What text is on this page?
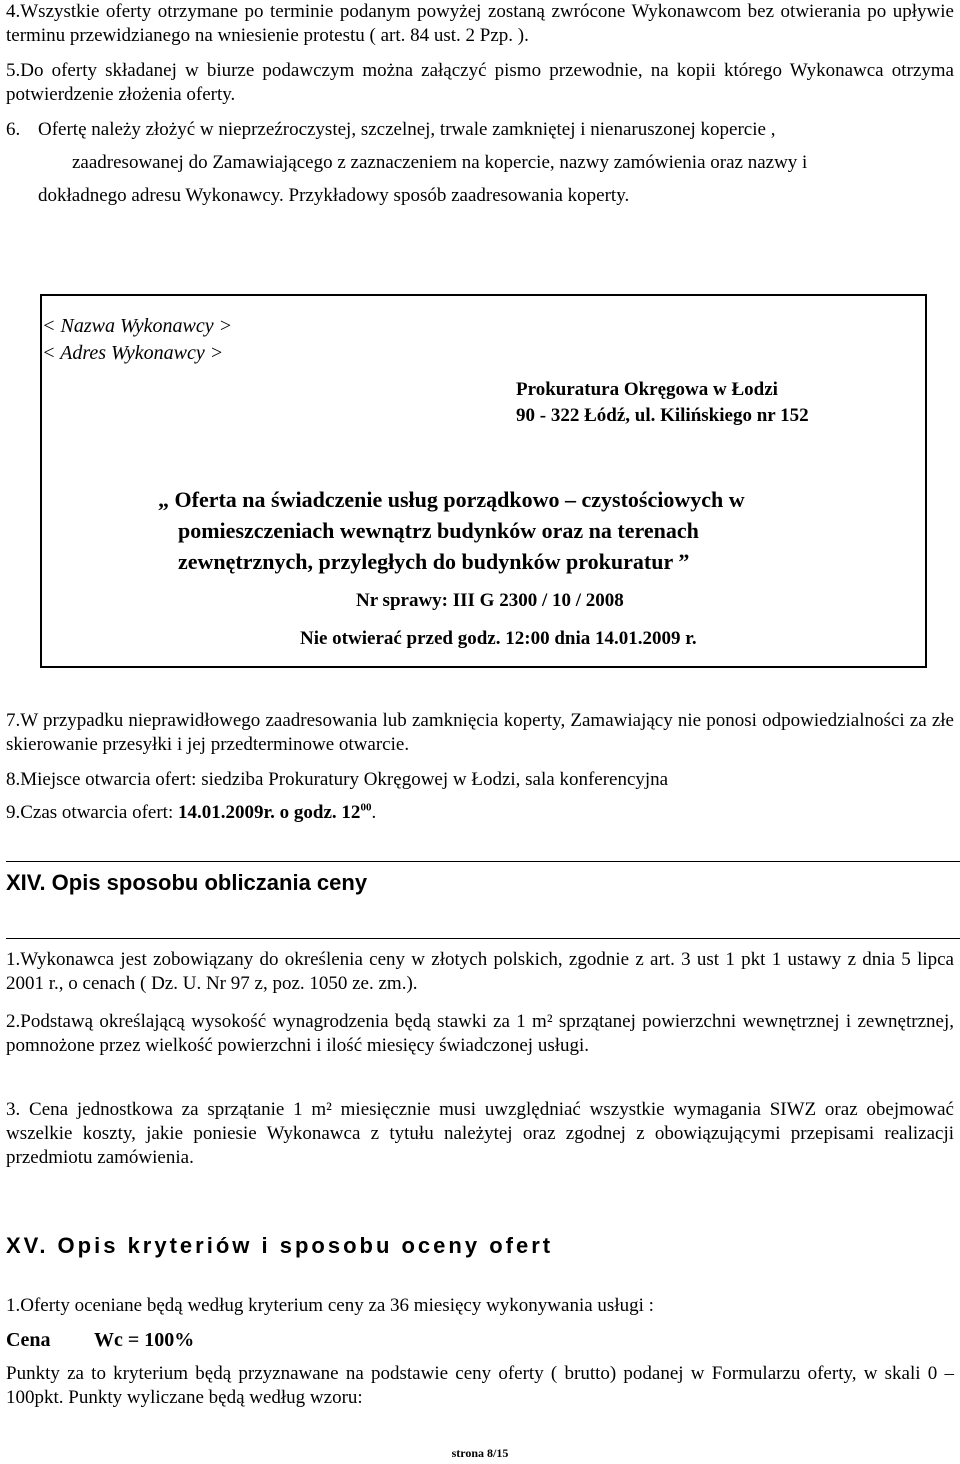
4.Wszystkie oferty otrzymane po terminie podanym powyżej zostaną zwrócone Wykonawcom bez otwierania po upływie terminu przewidzianego na wniesienie protestu ( art. 84 ust. 2 Pzp. ).
5.Do oferty składanej w biurze podawczym można załączyć pismo przewodnie, na kopii którego Wykonawca otrzyma potwierdzenie złożenia oferty.
6. Ofertę należy złożyć w nieprzeźroczystej, szczelnej, trwale zamkniętej i nienaruszonej kopercie ,
zaadresowanej do Zamawiającego z zaznaczeniem na kopercie, nazwy zamówienia oraz nazwy i
dokładnego adresu Wykonawcy. Przykładowy sposób zaadresowania koperty.
< Nazwa Wykonawcy >
< Adres Wykonawcy >
Prokuratura Okręgowa w Łodzi
90 - 322 Łódź, ul. Kilińskiego nr 152
„ Oferta na świadczenie usług porządkowo – czystościowych w
pomieszczeniach wewnątrz budynków oraz na terenach
zewnętrznych, przyległych do budynków prokuratur ”
Nr sprawy: III G 2300 / 10 / 2008
Nie otwierać przed godz. 12:00 dnia 14.01.2009 r.
7.W przypadku nieprawidłowego zaadresowania lub zamknięcia koperty, Zamawiający nie ponosi odpowiedzialności za złe skierowanie przesyłki i jej przedterminowe otwarcie.
8.Miejsce otwarcia ofert: siedziba Prokuratury Okręgowej w Łodzi, sala konferencyjna
9.Czas otwarcia ofert: 14.01.2009r. o godz. $12^{00}$.
XIV. Opis sposobu obliczania ceny
1.Wykonawca jest zobowiązany do określenia ceny w złotych polskich, zgodnie z art. 3 ust 1 pkt 1 ustawy z dnia 5 lipca 2001 r., o cenach ( Dz. U. Nr 97 z, poz. 1050 ze. zm.).
2.Podstawą określającą wysokość wynagrodzenia będą stawki za 1 m² sprzątanej powierzchni wewnętrznej i zewnętrznej, pomnożone przez wielkość powierzchni i ilość miesięcy świadczonej usługi.
3. Cena jednostkowa za sprzątanie 1 m² miesięcznie musi uwzględniać wszystkie wymagania SIWZ oraz obejmować wszelkie koszty, jakie poniesie Wykonawca z tytułu należytej oraz zgodnej z obowiązującymi przepisami realizacji przedmiotu zamówienia.
XV. Opis kryteriów i sposobu oceny ofert
1.Oferty oceniane będą według kryterium ceny za 36 miesięcy wykonywania usługi :
Cena Wc = 100%
Punkty za to kryterium będą przyznawane na podstawie ceny oferty ( brutto) podanej w Formularzu oferty, w skali 0 –100pkt. Punkty wyliczane będą według wzoru:
strona 8/15
